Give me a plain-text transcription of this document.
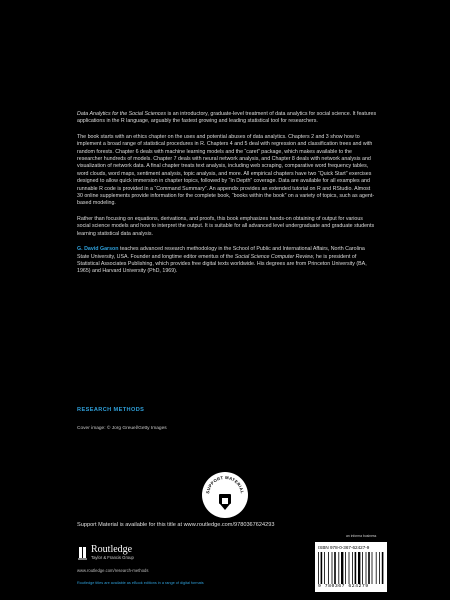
Data Analytics for the Social Sciences is an introductory, graduate-level treatment of data analytics for social science. It features applications in the R language, arguably the fastest growing and leading statistical tool for researchers.

The book starts with an ethics chapter on the uses and potential abuses of data analytics. Chapters 2 and 3 show how to implement a broad range of statistical procedures in R. Chapters 4 and 5 deal with regression and classification trees and with random forests. Chapter 6 deals with machine learning models and the “caret” package, which makes available to the researcher hundreds of models. Chapter 7 deals with neural network analysis, and Chapter 8 deals with network analysis and visualization of network data. A final chapter treats text analysis, including web scraping, comparative word frequency tables, word clouds, word maps, sentiment analysis, topic analysis, and more. All empirical chapters have two “Quick Start” exercises designed to allow quick immersion in chapter topics, followed by “In Depth” coverage. Data are available for all examples and runnable R code is provided in a “Command Summary”. An appendix provides an extended tutorial on R and RStudio. Almost 30 online supplements provide information for the complete book, “books within the book” on a variety of topics, such as agent-based modeling.

Rather than focusing on equations, derivations, and proofs, this book emphasizes hands-on obtaining of output for various social science models and how to interpret the output. It is suitable for all advanced level undergraduate and graduate students learning statistical data analysis.

G. David Garson teaches advanced research methodology in the School of Public and International Affairs, North Carolina State University, USA. Founder and longtime editor emeritus of the Social Science Computer Review, he is president of Statistical Associates Publishing, which provides free digital texts worldwide. His degrees are from Princeton University (BA, 1965) and Harvard University (PhD, 1969).

RESEARCH METHODS
Cover image: © Jorg Greuel/Getty Images
SUPPORT MATERIAL
Support Material is available for this title at www.routledge.com/9780367624293
Routledge
Taylor & Francis Group
www.routledge.com/research-methods
Routledge titles are available as eBook editions in a range of digital formats
an informa business
ISBN 978-0-367-62427-9
9 780367 624279
